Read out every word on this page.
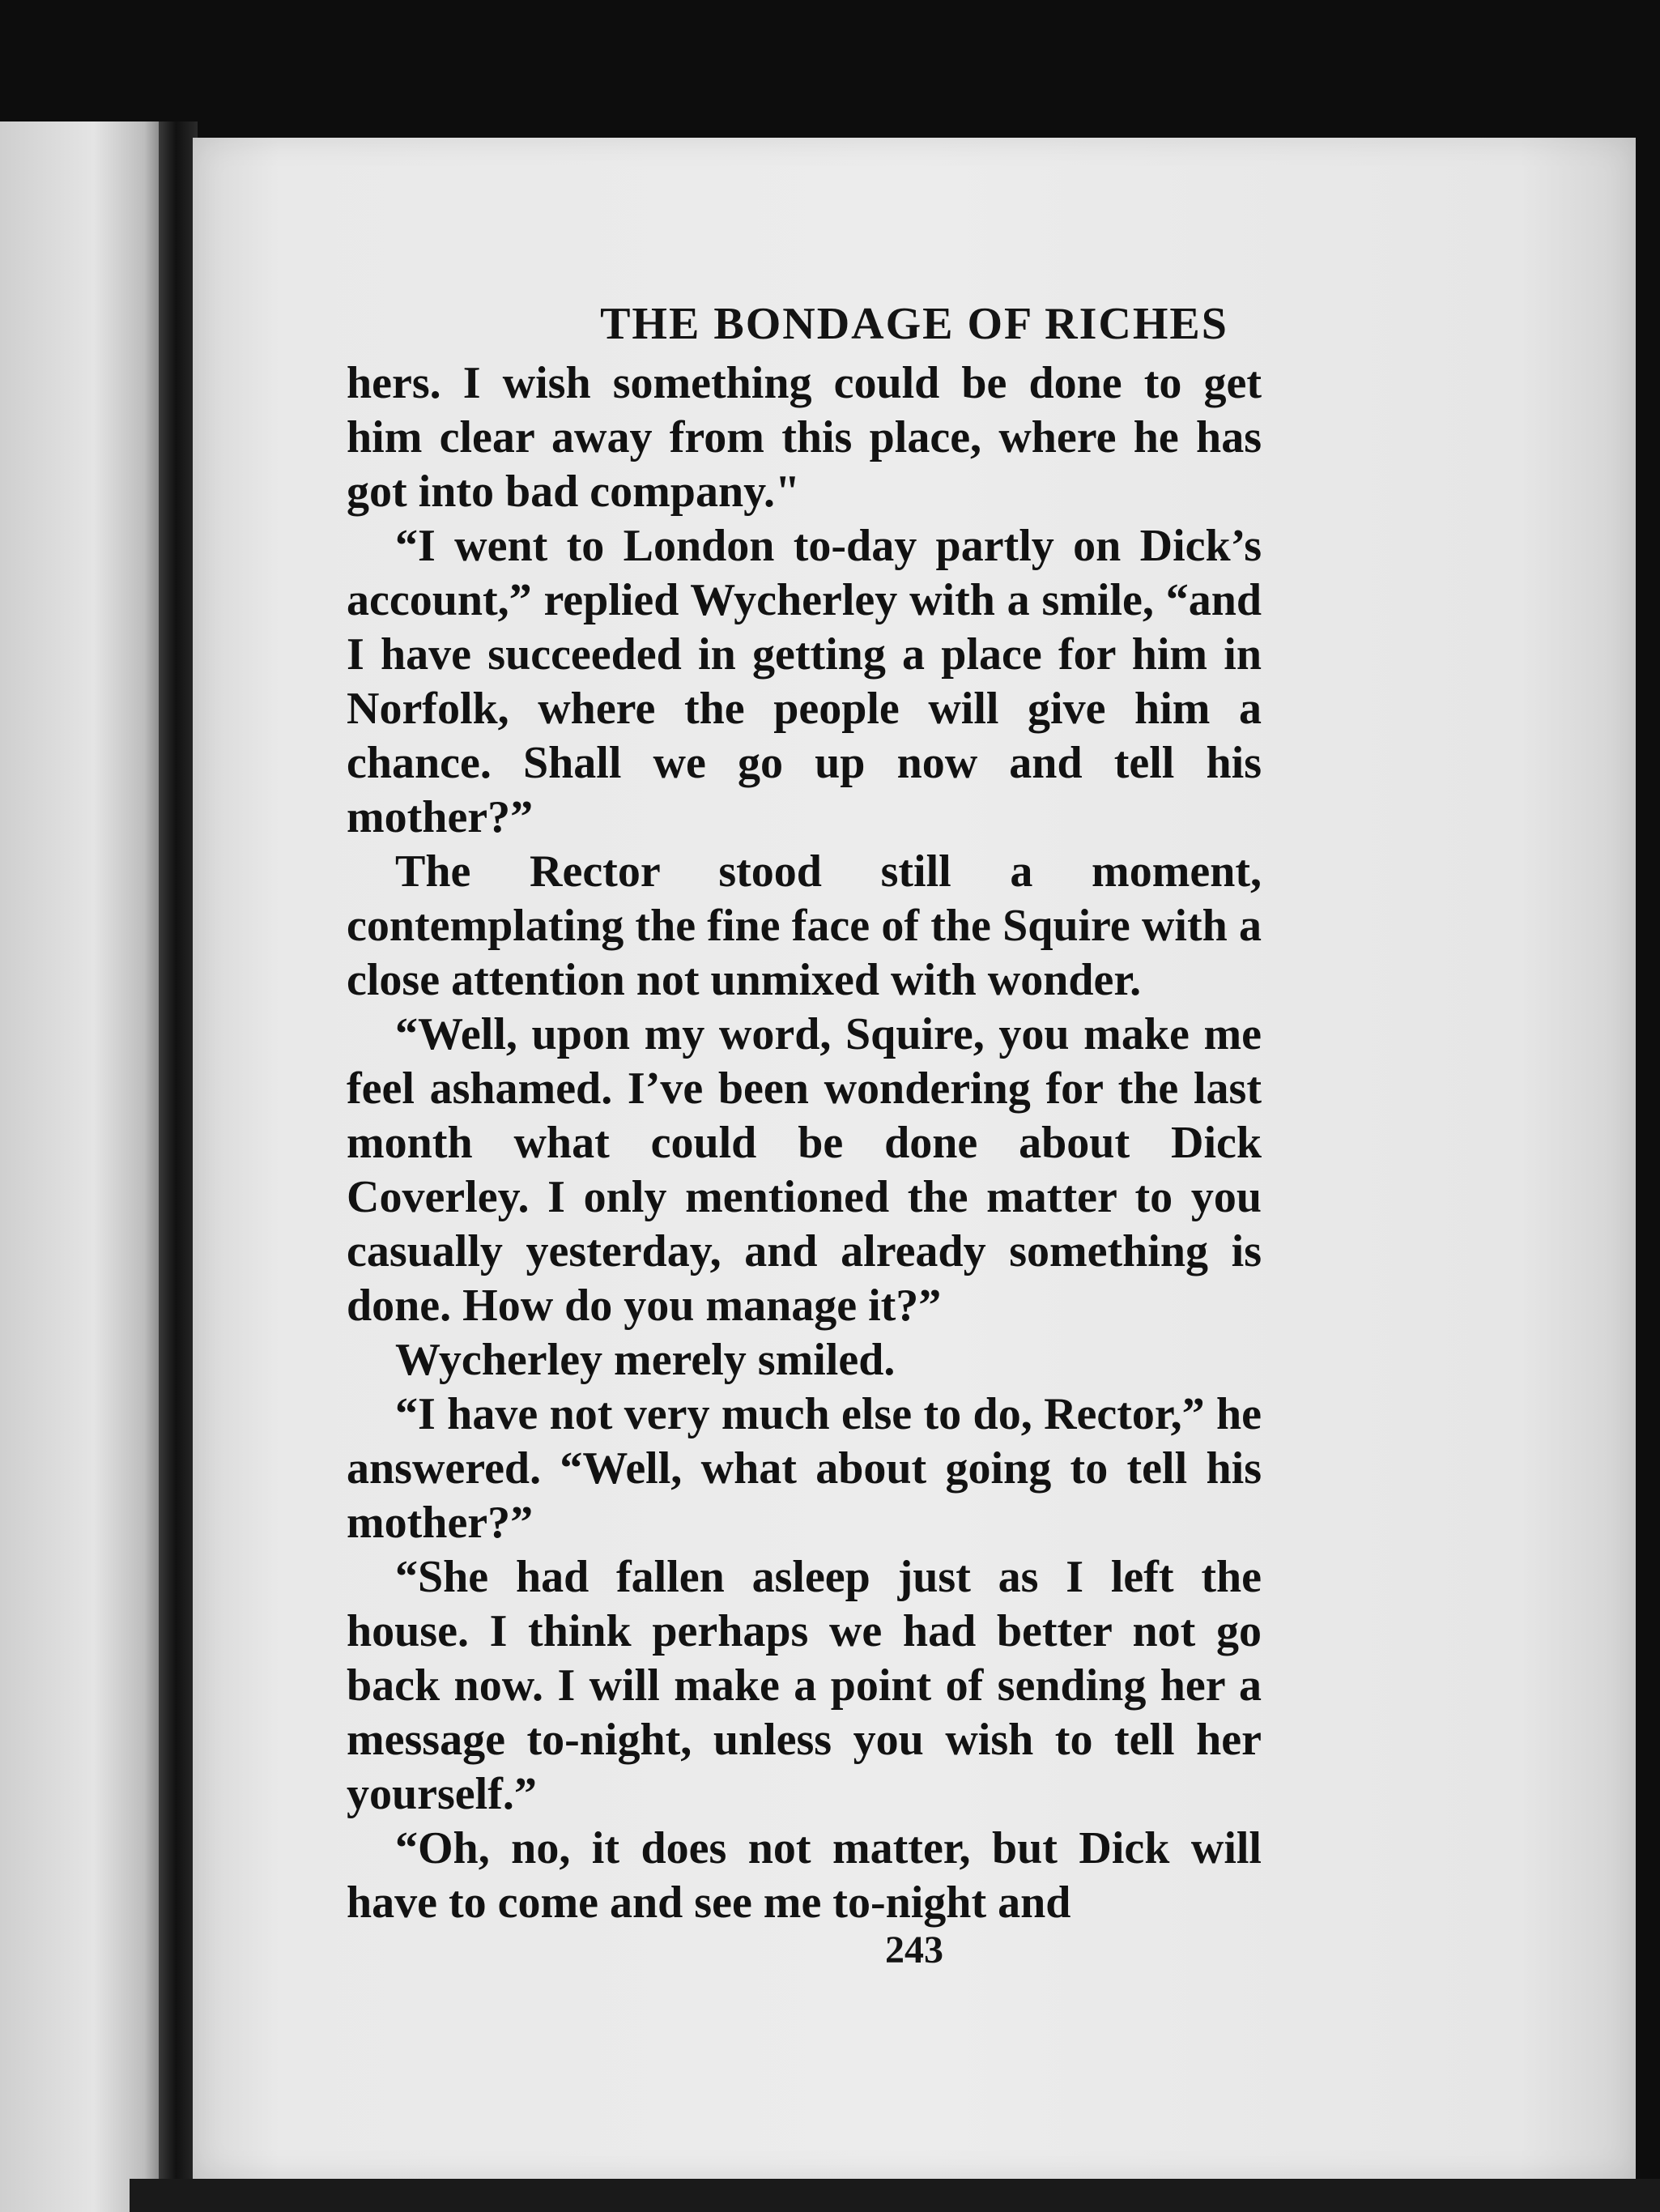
THE BONDAGE OF RICHES

hers. I wish something could be done to get him clear away from this place, where he has got into bad company."

“I went to London to-day partly on Dick’s account,” replied Wycherley with a smile, “and I have succeeded in getting a place for him in Norfolk, where the people will give him a chance. Shall we go up now and tell his mother?”

The Rector stood still a moment, contemplating the fine face of the Squire with a close attention not unmixed with wonder.

“Well, upon my word, Squire, you make me feel ashamed. I’ve been wondering for the last month what could be done about Dick Coverley. I only mentioned the matter to you casually yesterday, and already something is done. How do you manage it?”

Wycherley merely smiled.

“I have not very much else to do, Rector,” he answered. “Well, what about going to tell his mother?”

“She had fallen asleep just as I left the house. I think perhaps we had better not go back now. I will make a point of sending her a message to-night, unless you wish to tell her yourself.”

“Oh, no, it does not matter, but Dick will have to come and see me to-night and

243
